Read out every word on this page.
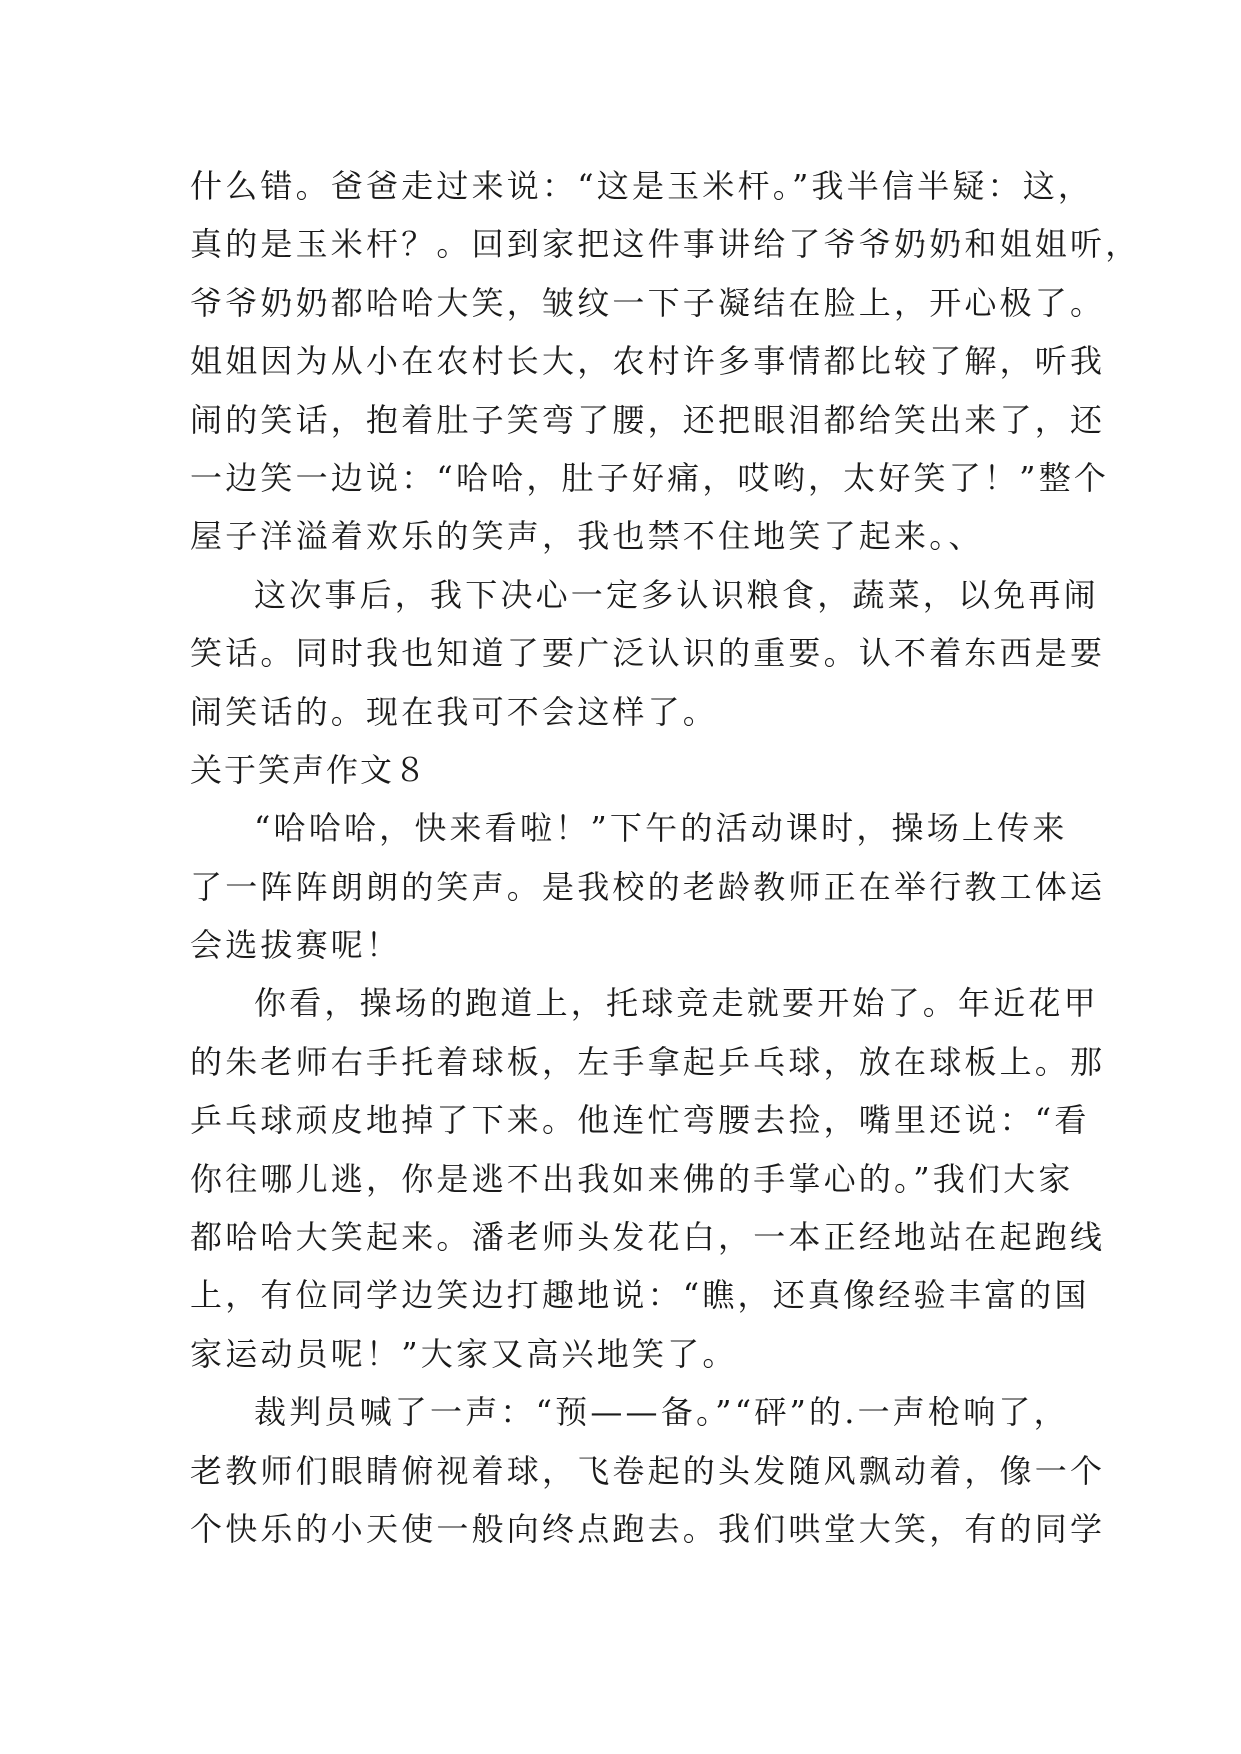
什么错。爸爸走过来说：“这是玉米杆。”我半信半疑：这，
真的是玉米杆？。回到家把这件事讲给了爷爷奶奶和姐姐听，
爷爷奶奶都哈哈大笑，皱纹一下子凝结在脸上，开心极了。
姐姐因为从小在农村长大，农村许多事情都比较了解，听我
闹的笑话，抱着肚子笑弯了腰，还把眼泪都给笑出来了，还
一边笑一边说：“哈哈，肚子好痛，哎哟，太好笑了！”整个
屋子洋溢着欢乐的笑声，我也禁不住地笑了起来。、
这次事后，我下决心一定多认识粮食，蔬菜，以免再闹
笑话。同时我也知道了要广泛认识的重要。认不着东西是要
闹笑话的。现在我可不会这样了。
关于笑声作文８
“哈哈哈，快来看啦！”下午的活动课时，操场上传来
了一阵阵朗朗的笑声。是我校的老龄教师正在举行教工体运
会选拔赛呢！
你看，操场的跑道上，托球竞走就要开始了。年近花甲
的朱老师右手托着球板，左手拿起乒乓球，放在球板上。那
乒乓球顽皮地掉了下来。他连忙弯腰去捡，嘴里还说：“看
你往哪儿逃，你是逃不出我如来佛的手掌心的。”我们大家
都哈哈大笑起来。潘老师头发花白，一本正经地站在起跑线
上，有位同学边笑边打趣地说：“瞧，还真像经验丰富的国
家运动员呢！”大家又高兴地笑了。
裁判员喊了一声：“预——备。”“砰”的.一声枪响了，
老教师们眼睛俯视着球，飞卷起的头发随风飘动着，像一个
个快乐的小天使一般向终点跑去。我们哄堂大笑，有的同学
